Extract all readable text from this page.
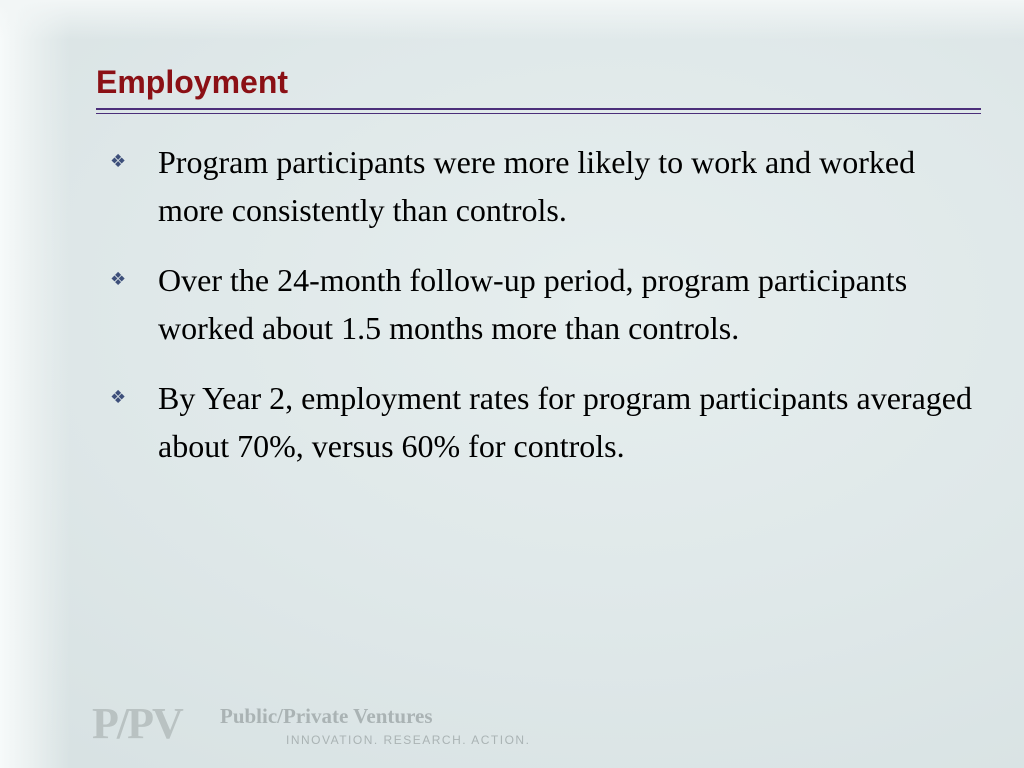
Employment
❖ Program participants were more likely to work and worked more consistently than controls.
❖ Over the 24-month follow-up period, program participants worked about 1.5 months more than controls.
❖ By Year 2, employment rates for program participants averaged about 70%, versus 60% for controls.
P/PV Public/Private Ventures
INNOVATION. RESEARCH. ACTION.
